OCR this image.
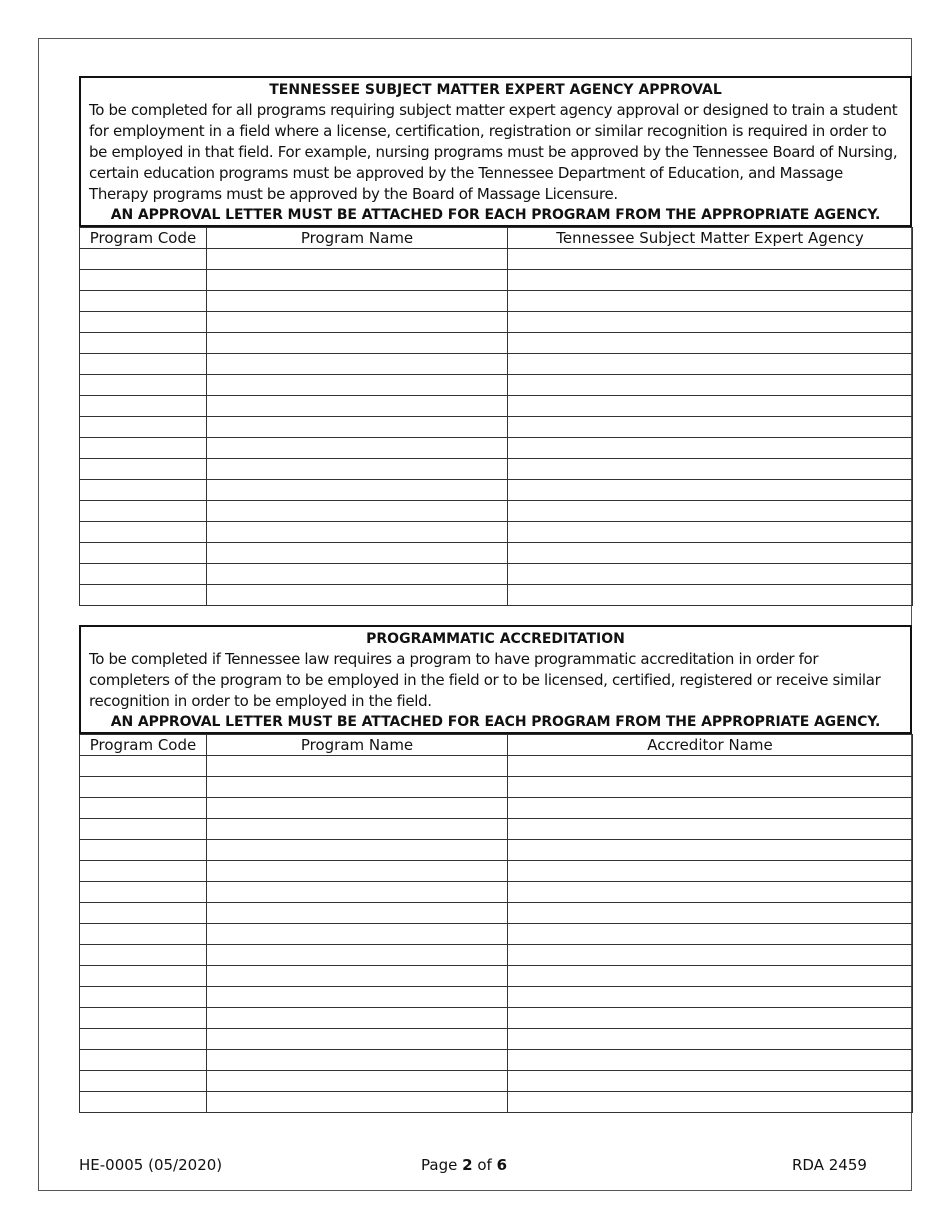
TENNESSEE SUBJECT MATTER EXPERT AGENCY APPROVAL
To be completed for all programs requiring subject matter expert agency approval or designed to train a student for employment in a field where a license, certification, registration or similar recognition is required in order to be employed in that field. For example, nursing programs must be approved by the Tennessee Board of Nursing, certain education programs must be approved by the Tennessee Department of Education, and Massage Therapy programs must be approved by the Board of Massage Licensure.
AN APPROVAL LETTER MUST BE ATTACHED FOR EACH PROGRAM FROM THE APPROPRIATE AGENCY.
Program Code	Program Name	Tennessee Subject Matter Expert Agency

PROGRAMMATIC ACCREDITATION
To be completed if Tennessee law requires a program to have programmatic accreditation in order for completers of the program to be employed in the field or to be licensed, certified, registered or receive similar recognition in order to be employed in the field.
AN APPROVAL LETTER MUST BE ATTACHED FOR EACH PROGRAM FROM THE APPROPRIATE AGENCY.
Program Code	Program Name	Accreditor Name

HE-0005 (05/2020)	Page 2 of 6	RDA 2459
